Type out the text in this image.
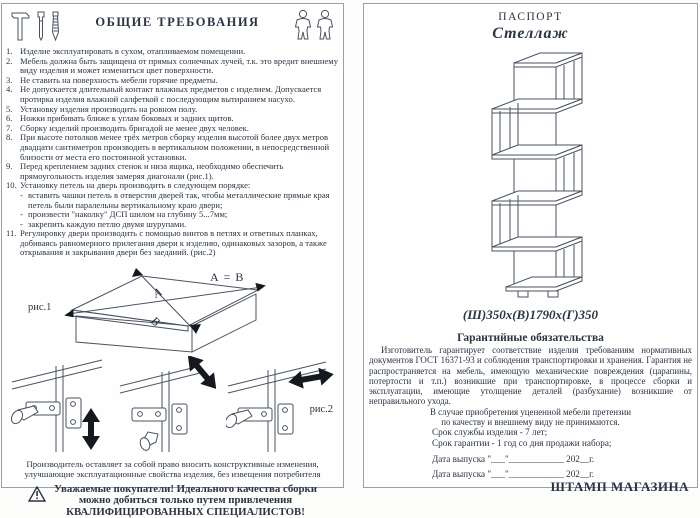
ОБЩИЕ ТРЕБОВАНИЯ
1. Изделие эксплуатировать в сухом, отапливаемом помещении.
2. Мебель должна быть защищена от прямых солнечных лучей, т.к. это вредит внешнему виду изделия и может измениться цвет поверхности.
3. Не ставить на поверхность мебели горячие предметы.
4. Не допускается длительный контакт влажных предметов с изделием. Допускается протирка изделия влажной салфеткой с последующим вытиранием насухо.
5. Установку изделия производить на ровном полу.
6. Ножки прибивать ближе к углам боковых и задних щитов.
7. Сборку изделий производить бригадой не менее двух человек.
8. При высоте потолков менее трёх метров сборку изделия высотой более двух метров двадцати сантиметров производить в вертикальном положении, в непосредственной близости от места его постоянной установки.
9. Перед креплением задних стенок и низа ящика, необходимо обеспечить прямоугольность изделия замеряя диагонали (рис.1).
10. Установку петель на дверь производить в следующем порядке:
- вставить чашки петель в отверстия дверей так, чтобы металлические прямые края петель были паралельны вертикальному краю двери;
- произвести "наколку" ДСП шилом на глубину 5...7мм;
- закрепить каждую петлю двумя шурупами.
11. Регулировку двери производить с помощью винтов в петлях и ответных планках, добиваясь равномерного прилегания двери к изделию, одинаковых зазоров, а также открывания и закрывания двери без заеданий. (рис.2)
рис.1
А = В
А
В
рис.2
Производитель оставляет за собой право вносить конструктивные изменения,
улучшающие эксплуатационные свойства изделия, без извещения потребителя
Уважаемые покупатели! Идеального качества сборки
можно добиться только путем привлечения
КВАЛИФИЦИРОВАННЫХ СПЕЦИАЛИСТОВ!
ПАСПОРТ
Стеллаж
(Ш)350х(В)1790х(Г)350
Гарантийные обязательства
Изготовитель гарантирует соответствие изделия требованиям нормативных документов ГОСТ 16371-93 и соблюдения транспортировки и хранения. Гарантия не распространяется на мебель, имеющую механические повреждения (царапины, потертости и т.п.) возникшие при транспортировке, в процессе сборки и эксплуатации, имеющие утолщение деталей (разбухание) возникшие от неправильного ухода.
В случае приобретения уцененной мебели претензии
по качеству и внешнему виду не принимаются.
Срок службы изделия - 7 лет;
Срок гарантии - 1 год со дня продажи набора;
Дата выпуска "___"____________ 202__г.
Дата выпуска "___"____________ 202__г.
ШТАМП МАГАЗИНА
